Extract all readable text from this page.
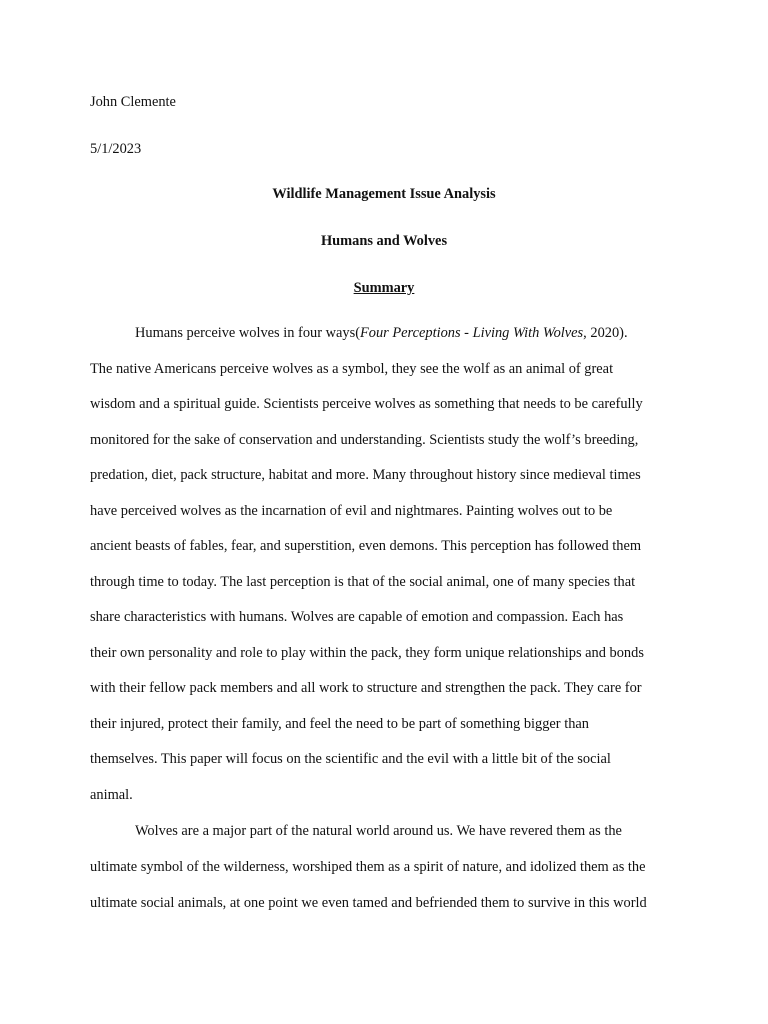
John Clemente

5/1/2023

Wildlife Management Issue Analysis

Humans and Wolves

Summary

Humans perceive wolves in four ways(Four Perceptions - Living With Wolves, 2020).

The native Americans perceive wolves as a symbol, they see the wolf as an animal of great

wisdom and a spiritual guide. Scientists perceive wolves as something that needs to be carefully

monitored for the sake of conservation and understanding. Scientists study the wolf’s breeding,

predation, diet, pack structure, habitat and more. Many throughout history since medieval times

have perceived wolves as the incarnation of evil and nightmares. Painting wolves out to be

ancient beasts of fables, fear, and superstition, even demons. This perception has followed them

through time to today. The last perception is that of the social animal, one of many species that

share characteristics with humans. Wolves are capable of emotion and compassion. Each has

their own personality and role to play within the pack, they form unique relationships and bonds

with their fellow pack members and all work to structure and strengthen the pack. They care for

their injured, protect their family, and feel the need to be part of something bigger than

themselves. This paper will focus on the scientific and the evil with a little bit of the social

animal.

Wolves are a major part of the natural world around us. We have revered them as the

ultimate symbol of the wilderness, worshiped them as a spirit of nature, and idolized them as the

ultimate social animals, at one point we even tamed and befriended them to survive in this world
